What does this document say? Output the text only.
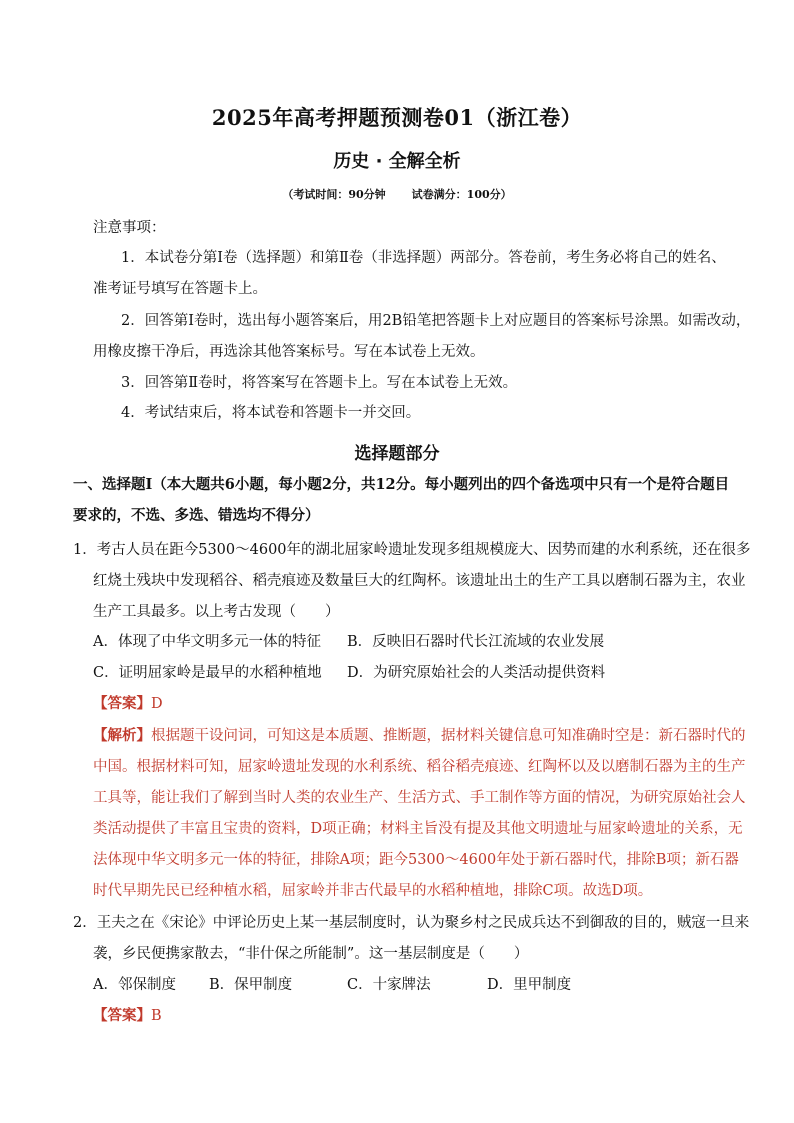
2025年高考押题预测卷01（浙江卷）
历史 · 全解全析
（考试时间：90分钟 试卷满分：100分）
注意事项：
1．本试卷分第Ⅰ卷（选择题）和第Ⅱ卷（非选择题）两部分。答卷前，考生务必将自己的姓名、
准考证号填写在答题卡上。
2．回答第Ⅰ卷时，选出每小题答案后，用2B铅笔把答题卡上对应题目的答案标号涂黑。如需改动，
用橡皮擦干净后，再选涂其他答案标号。写在本试卷上无效。
3．回答第Ⅱ卷时，将答案写在答题卡上。写在本试卷上无效。
4．考试结束后，将本试卷和答题卡一并交回。
选择题部分
一、选择题Ⅰ（本大题共6小题，每小题2分，共12分。每小题列出的四个备选项中只有一个是符合题目
要求的，不选、多选、错选均不得分）
1．考古人员在距今5300～4600年的湖北屈家岭遗址发现多组规模庞大、因势而建的水利系统，还在很多
红烧土残块中发现稻谷、稻壳痕迹及数量巨大的红陶杯。该遗址出土的生产工具以磨制石器为主，农业
生产工具最多。以上考古发现（　　）
A．体现了中华文明多元一体的特征 B．反映旧石器时代长江流域的农业发展
C．证明屈家岭是最早的水稻种植地 D．为研究原始社会的人类活动提供资料
【答案】D
【解析】根据题干设问词，可知这是本质题、推断题，据材料关键信息可知准确时空是：新石器时代的
中国。根据材料可知，屈家岭遗址发现的水利系统、稻谷稻壳痕迹、红陶杯以及以磨制石器为主的生产
工具等，能让我们了解到当时人类的农业生产、生活方式、手工制作等方面的情况，为研究原始社会人
类活动提供了丰富且宝贵的资料，D项正确；材料主旨没有提及其他文明遗址与屈家岭遗址的关系，无
法体现中华文明多元一体的特征，排除A项；距今5300～4600年处于新石器时代，排除B项；新石器
时代早期先民已经种植水稻，屈家岭并非古代最早的水稻种植地，排除C项。故选D项。
2．王夫之在《宋论》中评论历史上某一基层制度时，认为聚乡村之民成兵达不到御敌的目的，贼寇一旦来
袭，乡民便携家散去，“非什保之所能制”。这一基层制度是（　　）
A．邻保制度 B．保甲制度	C．十家牌法	D．里甲制度
【答案】B
